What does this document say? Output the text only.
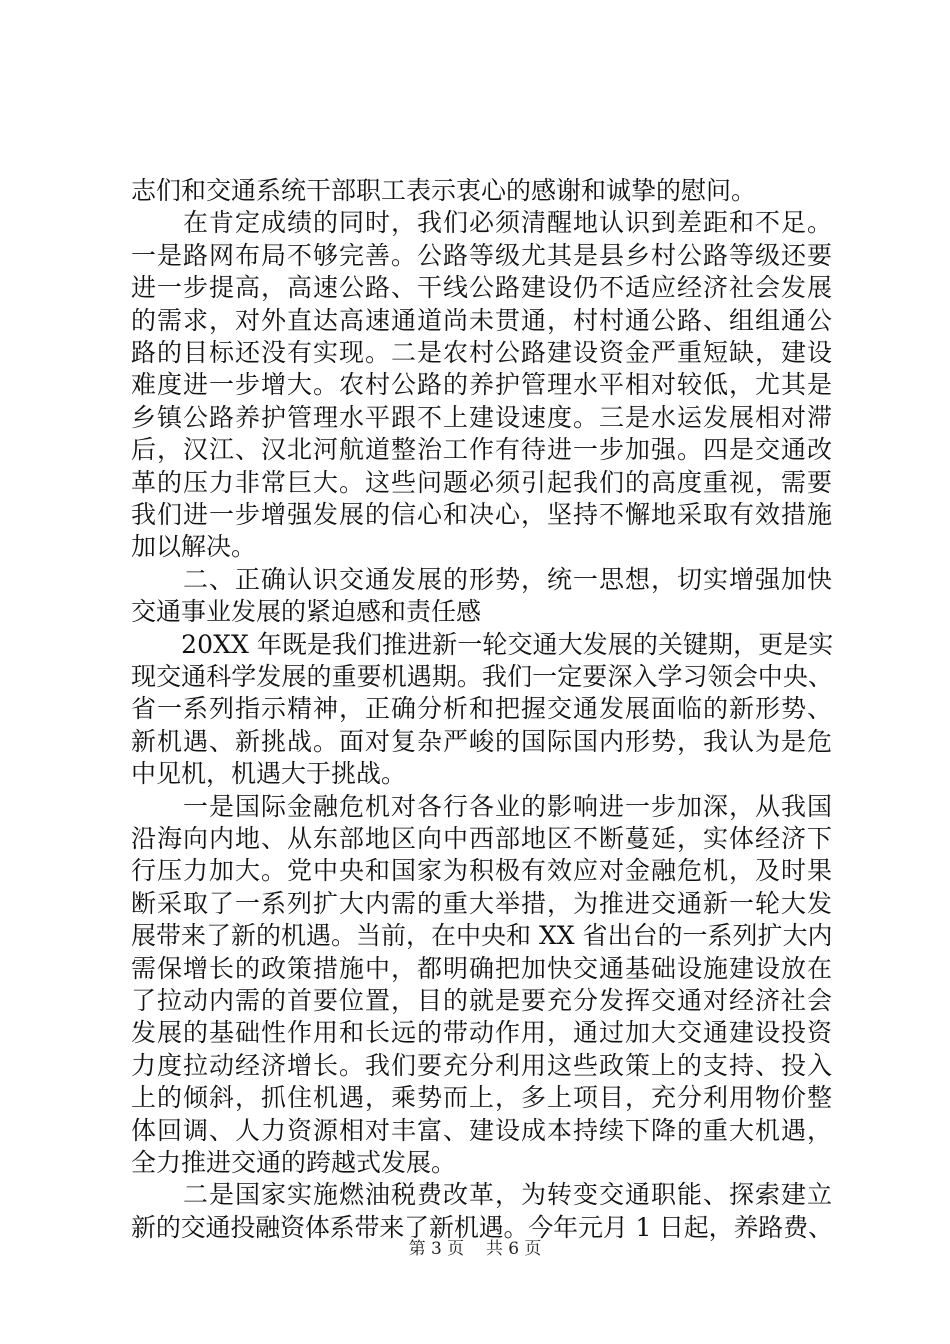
志们和交通系统干部职工表示衷心的感谢和诚挚的慰问。
　　在肯定成绩的同时，我们必须清醒地认识到差距和不足。
一是路网布局不够完善。公路等级尤其是县乡村公路等级还要
进一步提高，高速公路、干线公路建设仍不适应经济社会发展
的需求，对外直达高速通道尚未贯通，村村通公路、组组通公
路的目标还没有实现。二是农村公路建设资金严重短缺，建设
难度进一步增大。农村公路的养护管理水平相对较低，尤其是
乡镇公路养护管理水平跟不上建设速度。三是水运发展相对滞
后，汉江、汉北河航道整治工作有待进一步加强。四是交通改
革的压力非常巨大。这些问题必须引起我们的高度重视，需要
我们进一步增强发展的信心和决心，坚持不懈地采取有效措施
加以解决。
　　二、正确认识交通发展的形势，统一思想，切实增强加快
交通事业发展的紧迫感和责任感
　　20XX 年既是我们推进新一轮交通大发展的关键期，更是实
现交通科学发展的重要机遇期。我们一定要深入学习领会中央、
省一系列指示精神，正确分析和把握交通发展面临的新形势、
新机遇、新挑战。面对复杂严峻的国际国内形势，我认为是危
中见机，机遇大于挑战。
　　一是国际金融危机对各行各业的影响进一步加深，从我国
沿海向内地、从东部地区向中西部地区不断蔓延，实体经济下
行压力加大。党中央和国家为积极有效应对金融危机，及时果
断采取了一系列扩大内需的重大举措，为推进交通新一轮大发
展带来了新的机遇。当前，在中央和 XX 省出台的一系列扩大内
需保增长的政策措施中，都明确把加快交通基础设施建设放在
了拉动内需的首要位置，目的就是要充分发挥交通对经济社会
发展的基础性作用和长远的带动作用，通过加大交通建设投资
力度拉动经济增长。我们要充分利用这些政策上的支持、投入
上的倾斜，抓住机遇，乘势而上，多上项目，充分利用物价整
体回调、人力资源相对丰富、建设成本持续下降的重大机遇，
全力推进交通的跨越式发展。
　　二是国家实施燃油税费改革，为转变交通职能、探索建立
新的交通投融资体系带来了新机遇。今年元月 1 日起，养路费、
第 3 页 共 6 页
